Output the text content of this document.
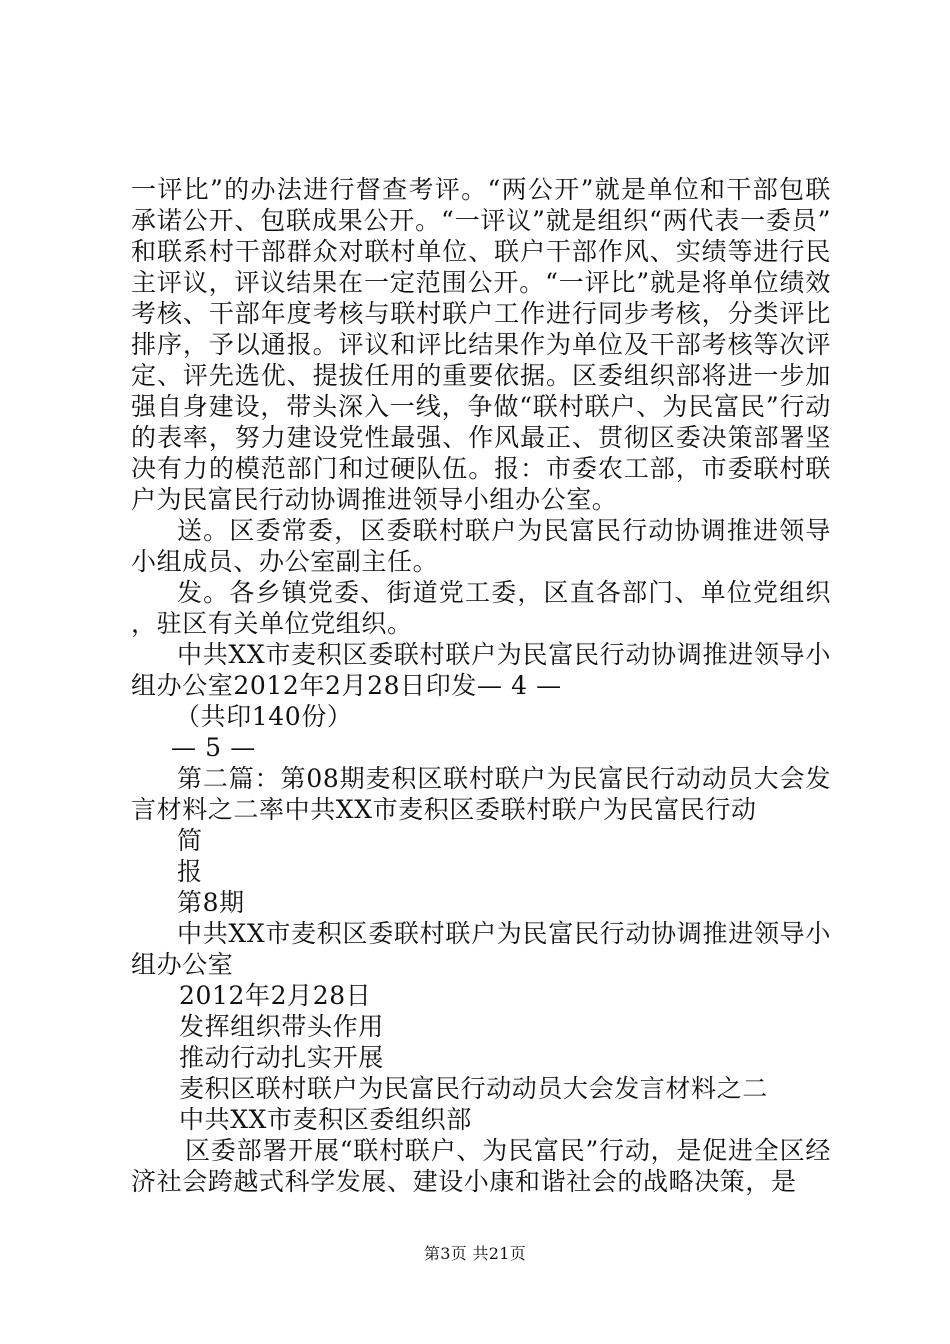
一评比”的办法进行督查考评。“两公开”就是单位和干部包联承诺公开、包联成果公开。“一评议”就是组织“两代表一委员”和联系村干部群众对联村单位、联户干部作风、实绩等进行民主评议，评议结果在一定范围公开。“一评比”就是将单位绩效考核、干部年度考核与联村联户工作进行同步考核，分类评比排序，予以通报。评议和评比结果作为单位及干部考核等次评定、评先选优、提拔任用的重要依据。区委组织部将进一步加强自身建设，带头深入一线，争做“联村联户、为民富民”行动的表率，努力建设党性最强、作风最正、贯彻区委决策部署坚决有力的模范部门和过硬队伍。报：市委农工部，市委联村联户为民富民行动协调推进领导小组办公室。

送。区委常委，区委联村联户为民富民行动协调推进领导小组成员、办公室副主任。

发。各乡镇党委、街道党工委，区直各部门、单位党组织，驻区有关单位党组织。

中共XX市麦积区委联村联户为民富民行动协调推进领导小组办公室2012年2月28日印发— 4 —

（共印140份）

— 5 —

第二篇：第08期麦积区联村联户为民富民行动动员大会发言材料之二率中共XX市麦积区委联村联户为民富民行动

简

报

第8期

中共XX市麦积区委联村联户为民富民行动协调推进领导小组办公室

2012年2月28日

发挥组织带头作用

推动行动扎实开展

麦积区联村联户为民富民行动动员大会发言材料之二

中共XX市麦积区委组织部

区委部署开展“联村联户、为民富民”行动，是促进全区经济社会跨越式科学发展、建设小康和谐社会的战略决策，是

第3页 共21页
